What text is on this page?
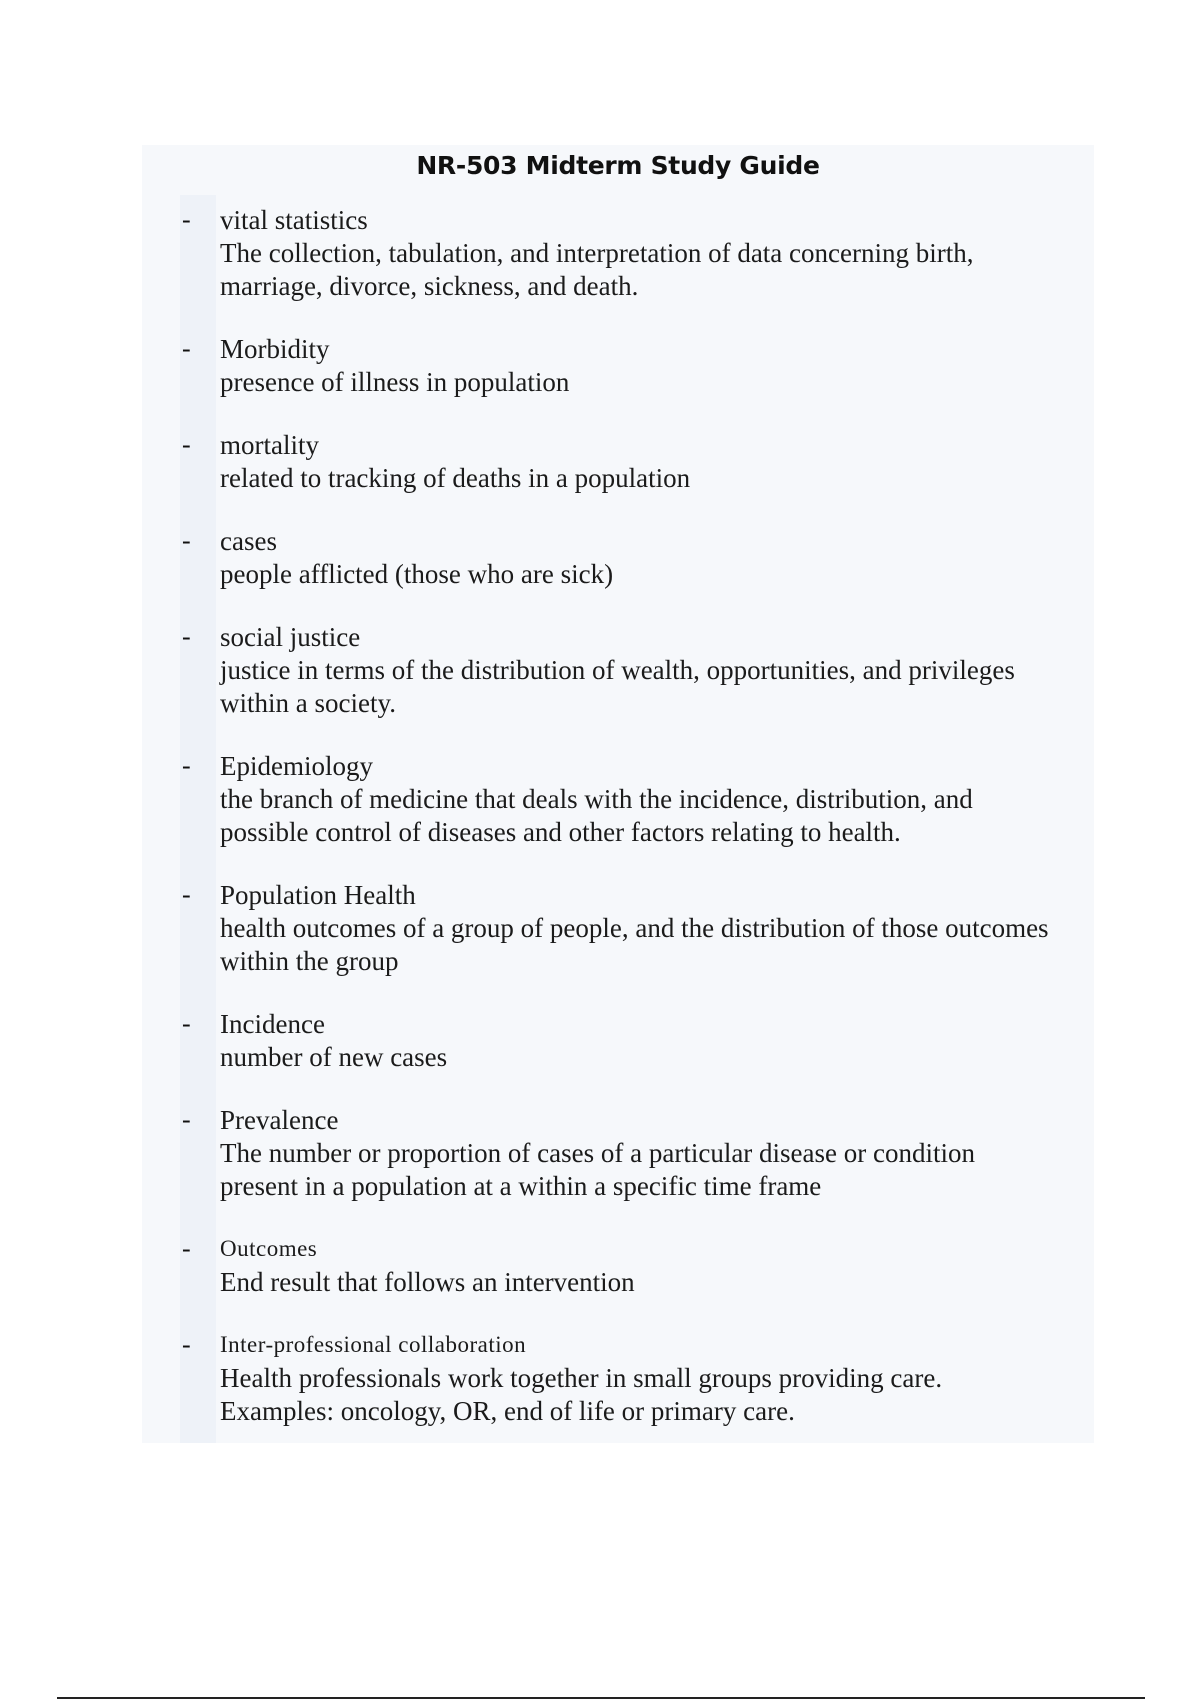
NR-503 Midterm Study Guide
- vital statistics
The collection, tabulation, and interpretation of data concerning birth, marriage, divorce, sickness, and death.
- Morbidity
presence of illness in population
- mortality
related to tracking of deaths in a population
- cases
people afflicted (those who are sick)
- social justice
justice in terms of the distribution of wealth, opportunities, and privileges within a society.
- Epidemiology
the branch of medicine that deals with the incidence, distribution, and possible control of diseases and other factors relating to health.
- Population Health
health outcomes of a group of people, and the distribution of those outcomes within the group
- Incidence
number of new cases
- Prevalence
The number or proportion of cases of a particular disease or condition present in a population at a within a specific time frame
- Outcomes
End result that follows an intervention
- Inter-professional collaboration
Health professionals work together in small groups providing care. Examples: oncology, OR, end of life or primary care.
